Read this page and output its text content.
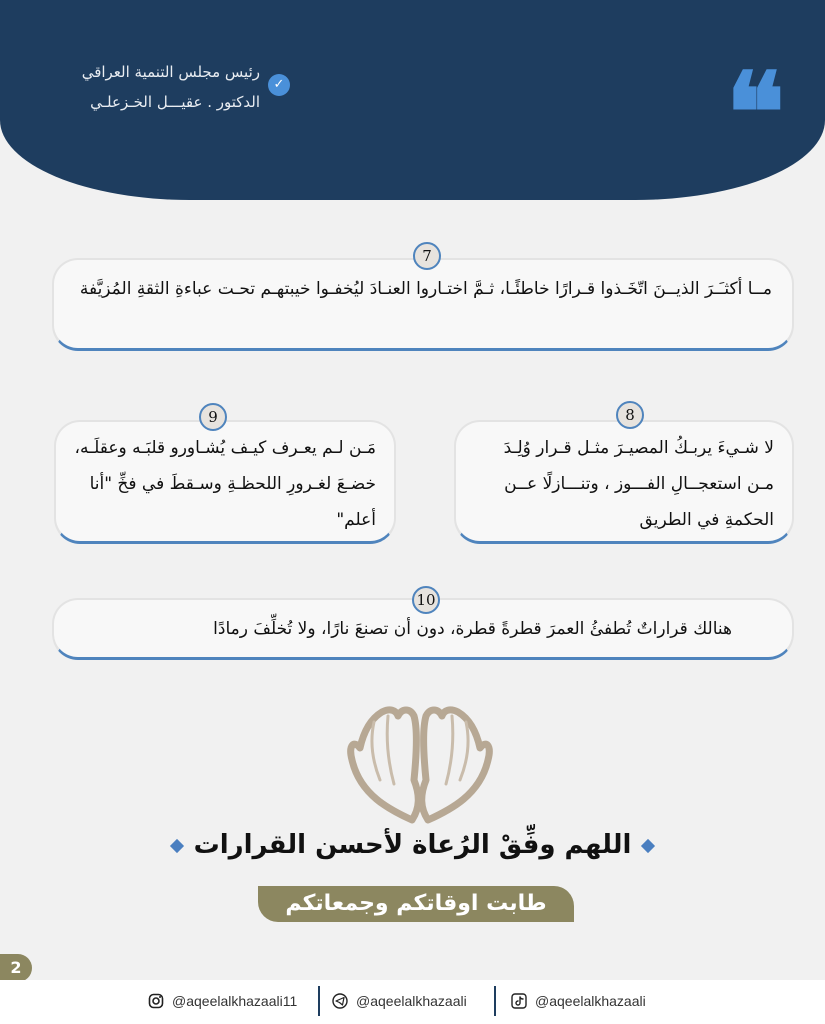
❝
✓
رئيس مجلس التنمية العراقي
الدكتور . عقيـــل الخـزعلـي
مــا أكثـَـرَ الذيــنَ اتّخَـذوا قـرارًا خاطئًـا، ثـمَّ اختـاروا العنـادَ ليُخفـوا خيبتهـم تحـت عباءةِ الثقةِ المُزيَّفة
7
لا شـيءَ يربـكُ المصيـرَ مثـل قـرار وُلِـدَ مـن استعجــالِ الفـــوز ، وتنـــازلًا عــن الحكمةِ في الطريق
8
مَـن لـم يعـرف كيـف يُشـاورو قلبَـه وعقلَـه، خضـعَ لغـرورِ اللحظـةِ وسـقطَ في فخِّ "أنا أعلم"
9
هنالك قراراتٌ تُطفئُ العمرَ قطرةً قطرة، دون أن تصنعَ نارًا، ولا تُخلِّفَ رمادًا
10
اللهم وفِّقْ الرُعاة لأحسن القرارات
طابت اوقاتكم وجمعاتكم
2
@aqeelalkhazaali11	@aqeelalkhazaali	@aqeelalkhazaali
